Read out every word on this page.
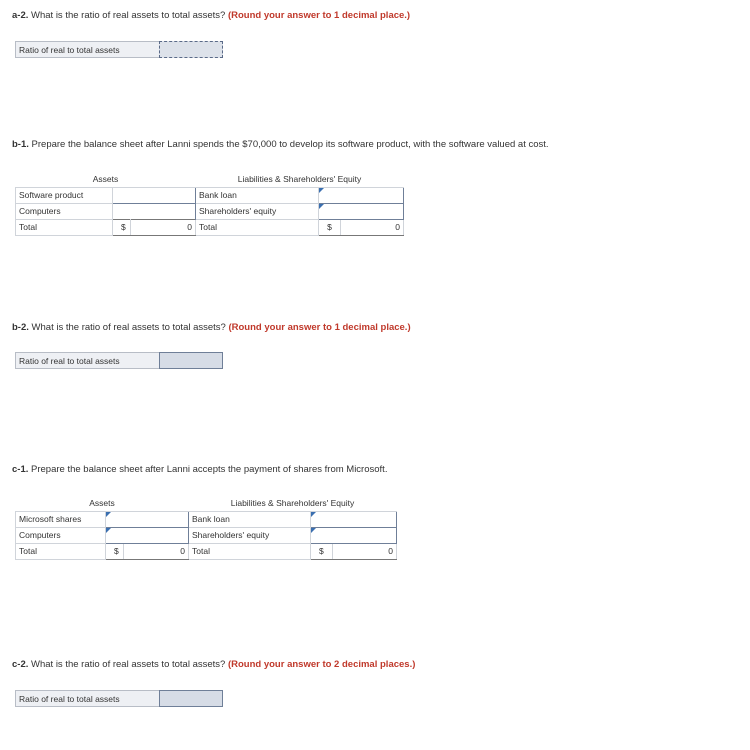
a-2. What is the ratio of real assets to total assets? (Round your answer to 1 decimal place.)
Ratio of real to total assets
b-1. Prepare the balance sheet after Lanni spends the $70,000 to develop its software product, with the software valued at cost.
Assets			Liabilities & Shareholders' Equity		
Software product			Bank loan		

Computers			Shareholders' equity		

Total	$	0	Total	$	0
b-2. What is the ratio of real assets to total assets? (Round your answer to 1 decimal place.)
Ratio of real to total assets
c-1. Prepare the balance sheet after Lanni accepts the payment of shares from Microsoft.
Assets			Liabilities & Shareholders' Equity		
Microsoft shares			Bank loan		

Computers			Shareholders' equity		

Total	$	0	Total	$	0
c-2. What is the ratio of real assets to total assets? (Round your answer to 2 decimal places.)
Ratio of real to total assets
